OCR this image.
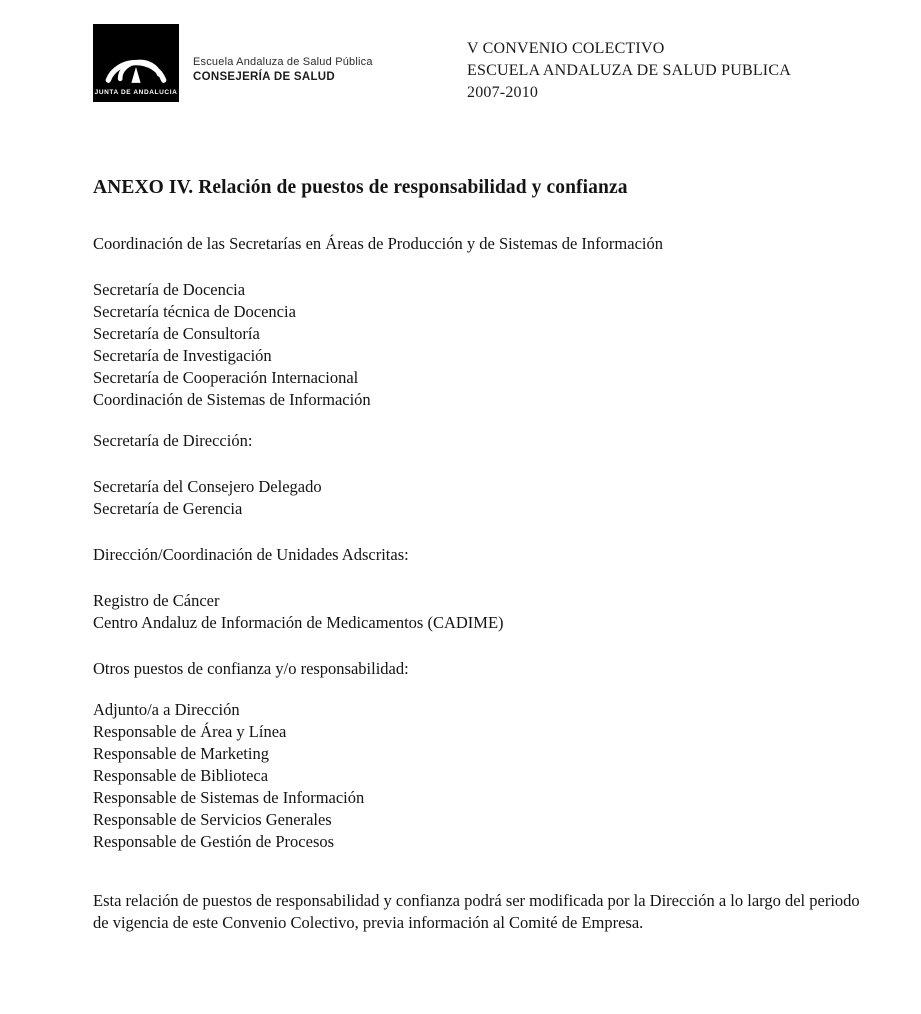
JUNTA DE ANDALUCIA
Escuela Andaluza de Salud Pública
CONSEJERÍA DE SALUD
V CONVENIO COLECTIVO
ESCUELA ANDALUZA DE SALUD PUBLICA
2007-2010
ANEXO IV. Relación de puestos de responsabilidad y confianza
Coordinación de las Secretarías en Áreas de Producción y de Sistemas de Información
Secretaría de Docencia
Secretaría técnica de Docencia
Secretaría de Consultoría
Secretaría de Investigación
Secretaría de Cooperación Internacional
Coordinación de Sistemas de Información
Secretaría de Dirección:
Secretaría del Consejero Delegado
Secretaría de Gerencia
Dirección/Coordinación de Unidades Adscritas:
Registro de Cáncer
Centro Andaluz de Información de Medicamentos (CADIME)
Otros puestos de confianza y/o responsabilidad:
Adjunto/a a Dirección
Responsable de Área y Línea
Responsable de Marketing
Responsable de Biblioteca
Responsable de Sistemas de Información
Responsable de Servicios Generales
Responsable de Gestión de Procesos
Esta relación de puestos de responsabilidad y confianza podrá ser modificada por la Dirección a lo largo del periodo de vigencia de este Convenio Colectivo, previa información al Comité de Empresa.
